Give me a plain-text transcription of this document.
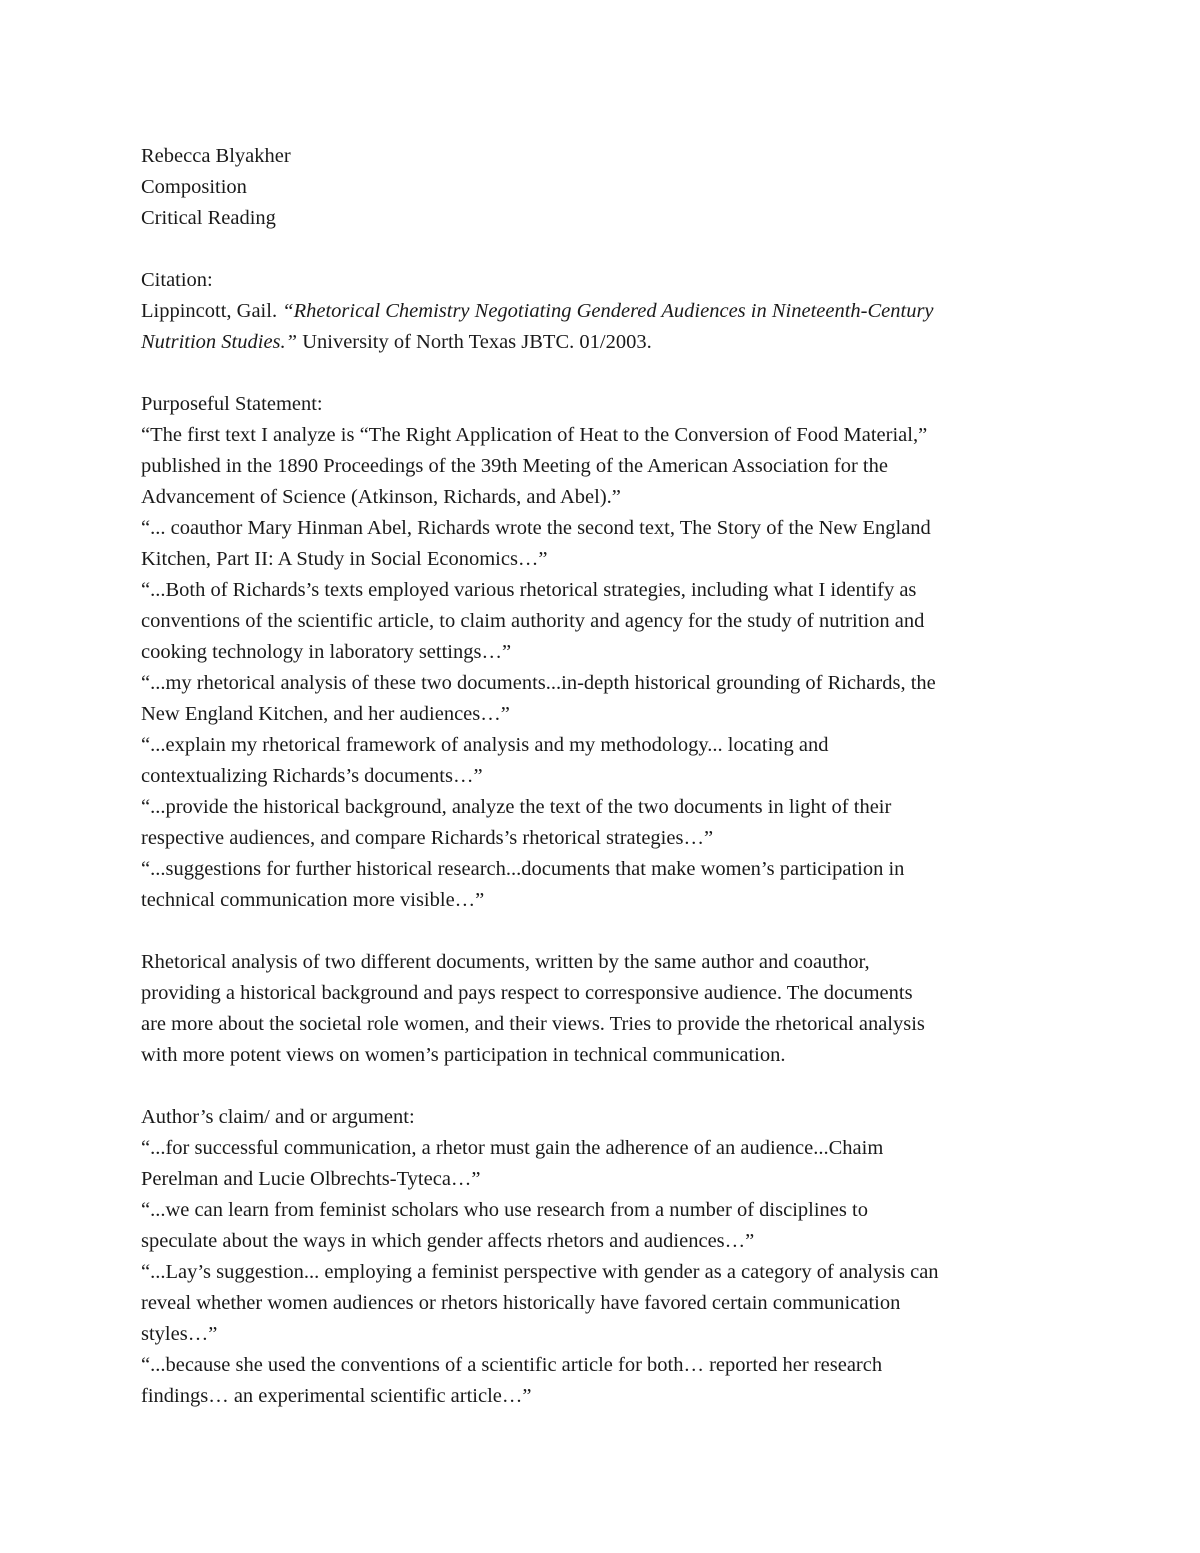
Rebecca Blyakher
Composition
Critical Reading
Citation:
Lippincott, Gail. “Rhetorical Chemistry Negotiating Gendered Audiences in Nineteenth-Century
Nutrition Studies.” University of North Texas JBTC. 01/2003.
Purposeful Statement:
“The first text I analyze is “The Right Application of Heat to the Conversion of Food Material,”
published in the 1890 Proceedings of the 39th Meeting of the American Association for the
Advancement of Science (Atkinson, Richards, and Abel).”
“... coauthor Mary Hinman Abel, Richards wrote the second text, The Story of the New England
Kitchen, Part II: A Study in Social Economics…”
“...Both of Richards’s texts employed various rhetorical strategies, including what I identify as
conventions of the scientific article, to claim authority and agency for the study of nutrition and
cooking technology in laboratory settings…”
“...my rhetorical analysis of these two documents...in-depth historical grounding of Richards, the
New England Kitchen, and her audiences…”
“...explain my rhetorical framework of analysis and my methodology... locating and
contextualizing Richards’s documents…”
“...provide the historical background, analyze the text of the two documents in light of their
respective audiences, and compare Richards’s rhetorical strategies…”
“...suggestions for further historical research...documents that make women’s participation in
technical communication more visible…”
Rhetorical analysis of two different documents, written by the same author and coauthor,
providing a historical background and pays respect to corresponsive audience. The documents
are more about the societal role women, and their views. Tries to provide the rhetorical analysis
with more potent views on women’s participation in technical communication.
Author’s claim/ and or argument:
“...for successful communication, a rhetor must gain the adherence of an audience...Chaim
Perelman and Lucie Olbrechts-Tyteca…”
“...we can learn from feminist scholars who use research from a number of disciplines to
speculate about the ways in which gender affects rhetors and audiences…”
“...Lay’s suggestion... employing a feminist perspective with gender as a category of analysis can
reveal whether women audiences or rhetors historically have favored certain communication
styles…”
“...because she used the conventions of a scientific article for both… reported her research
findings… an experimental scientific article…”
